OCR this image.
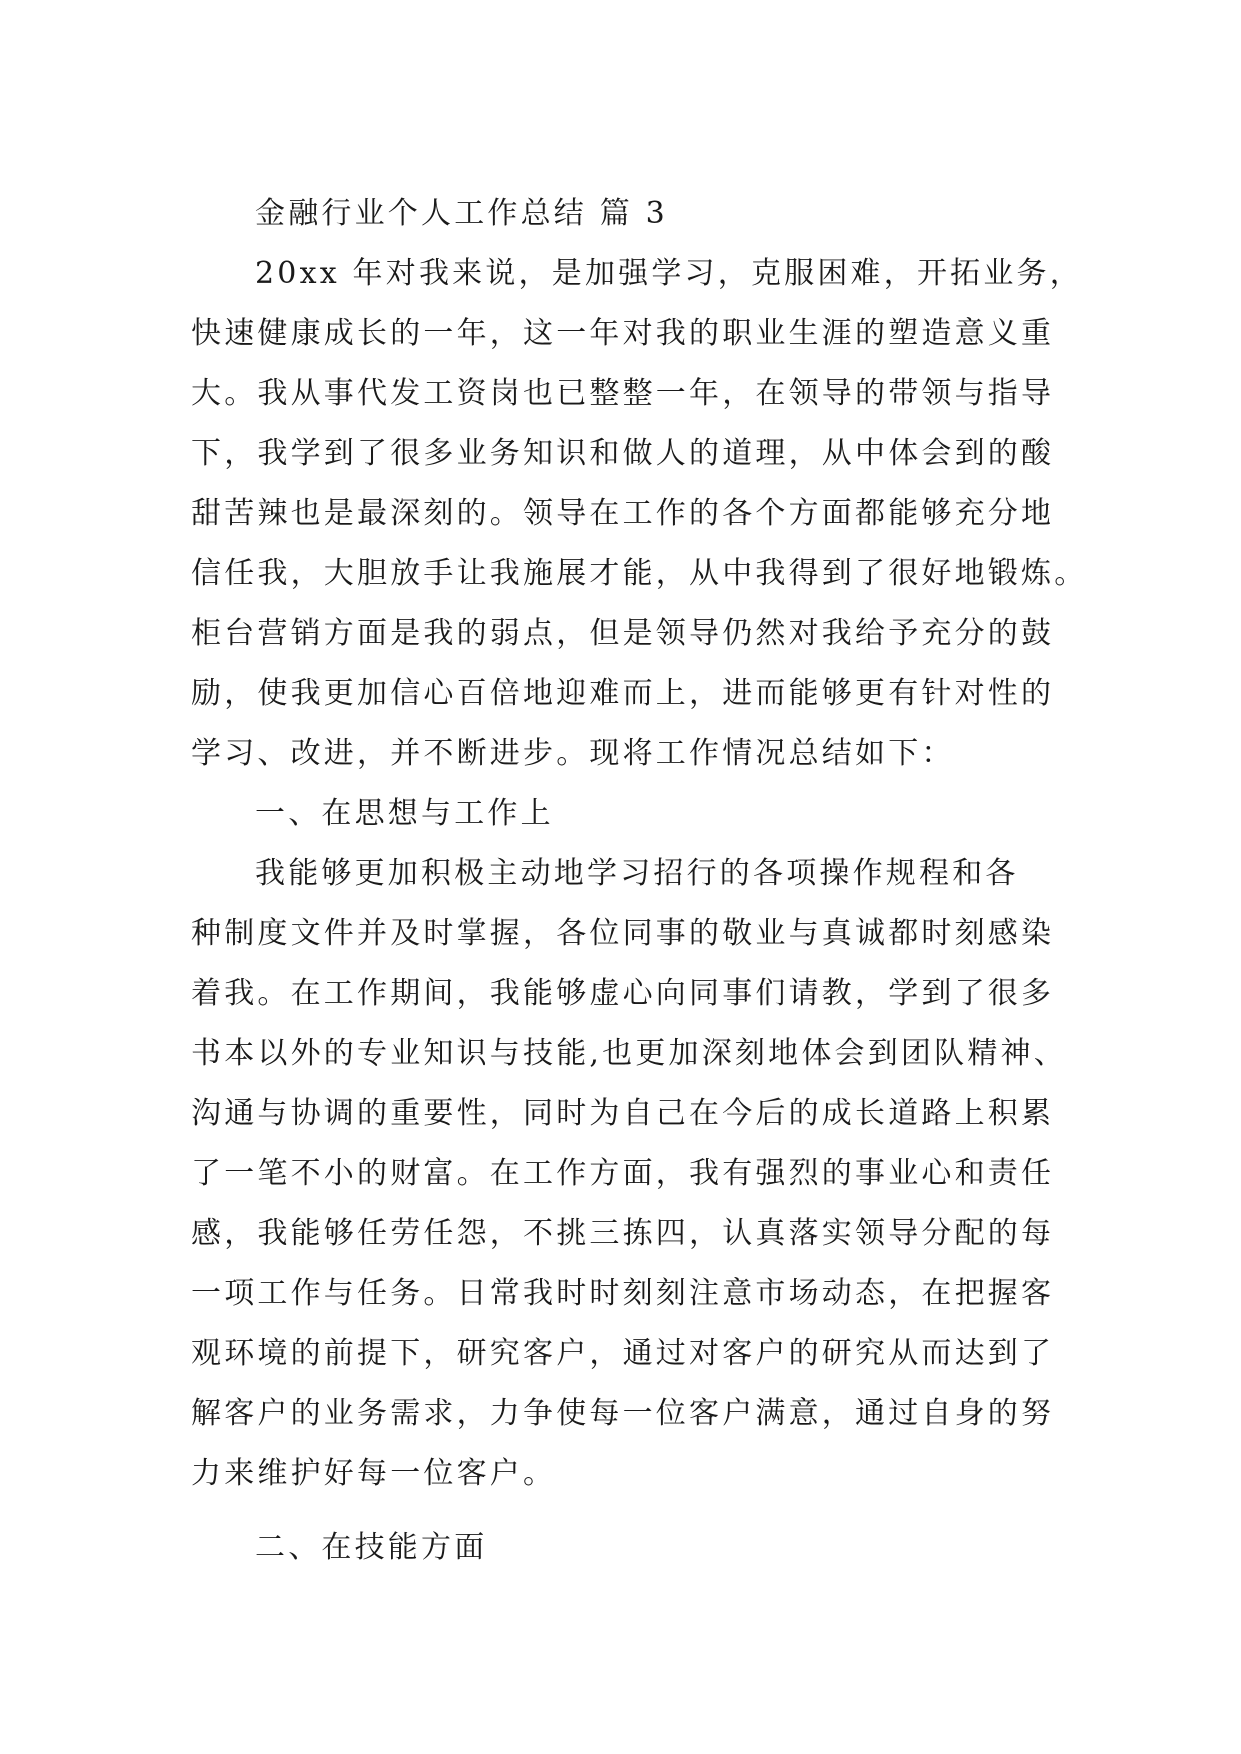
金融行业个人工作总结 篇 3
20xx 年对我来说，是加强学习，克服困难，开拓业务，
快速健康成长的一年，这一年对我的职业生涯的塑造意义重
大。我从事代发工资岗也已整整一年，在领导的带领与指导
下，我学到了很多业务知识和做人的道理，从中体会到的酸
甜苦辣也是最深刻的。领导在工作的各个方面都能够充分地
信任我，大胆放手让我施展才能，从中我得到了很好地锻炼。
柜台营销方面是我的弱点，但是领导仍然对我给予充分的鼓
励，使我更加信心百倍地迎难而上，进而能够更有针对性的
学习、改进，并不断进步。现将工作情况总结如下：
一、在思想与工作上
我能够更加积极主动地学习招行的各项操作规程和各
种制度文件并及时掌握，各位同事的敬业与真诚都时刻感染
着我。在工作期间，我能够虚心向同事们请教，学到了很多
书本以外的专业知识与技能,也更加深刻地体会到团队精神、
沟通与协调的重要性，同时为自己在今后的成长道路上积累
了一笔不小的财富。在工作方面，我有强烈的事业心和责任
感，我能够任劳任怨，不挑三拣四，认真落实领导分配的每
一项工作与任务。日常我时时刻刻注意市场动态，在把握客
观环境的前提下，研究客户，通过对客户的研究从而达到了
解客户的业务需求，力争使每一位客户满意，通过自身的努
力来维护好每一位客户。
二、在技能方面
